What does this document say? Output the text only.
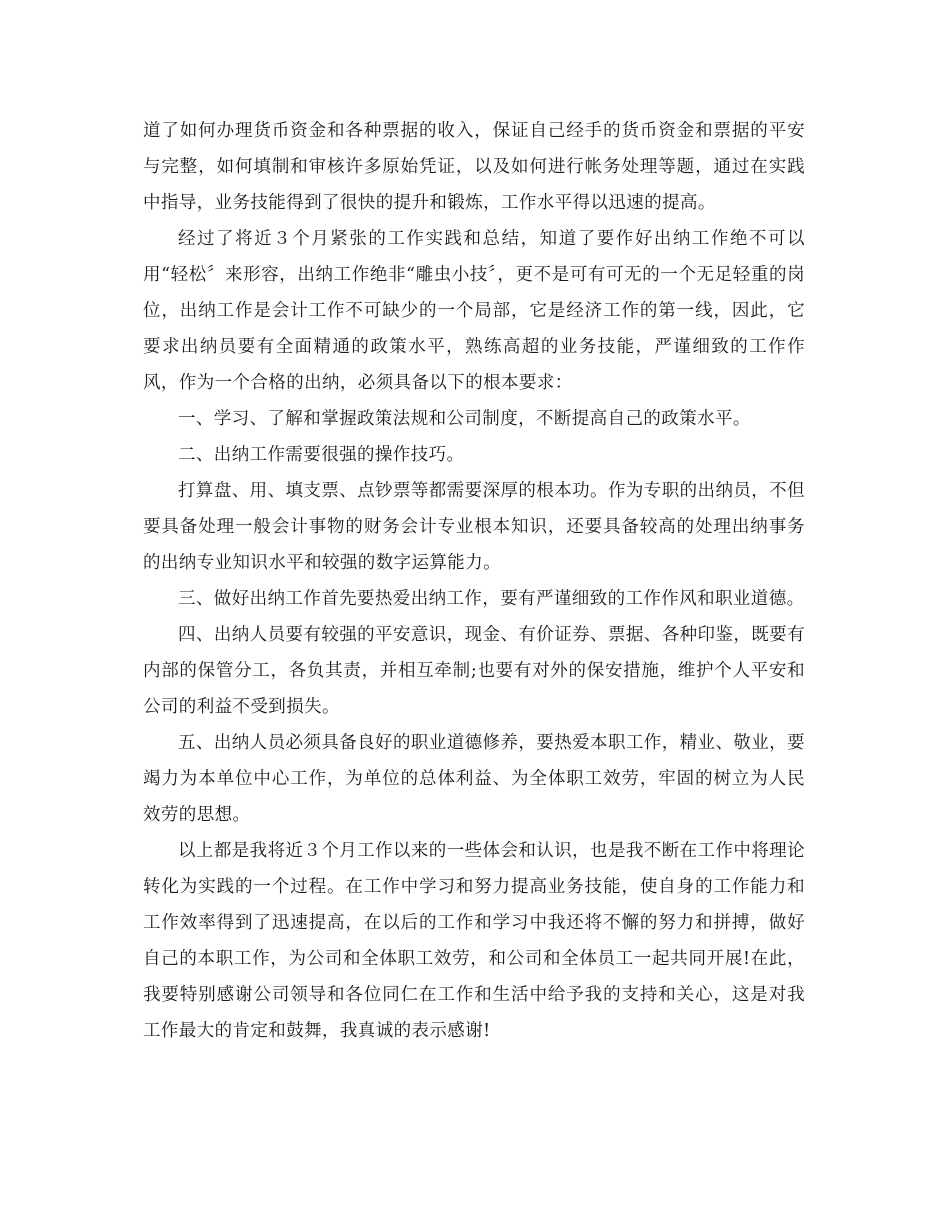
道了如何办理货币资金和各种票据的收入，保证自己经手的货币资金和票据的平安与完整，如何填制和审核许多原始凭证，以及如何进行帐务处理等题，通过在实践中指导，业务技能得到了很快的提升和锻炼，工作水平得以迅速的提高。

经过了将近３个月紧张的工作实践和总结，知道了要作好出纳工作绝不可以用“轻松〞来形容，出纳工作绝非“雕虫小技〞，更不是可有可无的一个无足轻重的岗位，出纳工作是会计工作不可缺少的一个局部，它是经济工作的第一线，因此，它要求出纳员要有全面精通的政策水平，熟练高超的业务技能，严谨细致的工作作风，作为一个合格的出纳，必须具备以下的根本要求：

一、学习、了解和掌握政策法规和公司制度，不断提高自己的政策水平。

二、出纳工作需要很强的操作技巧。

打算盘、用、填支票、点钞票等都需要深厚的根本功。作为专职的出纳员，不但要具备处理一般会计事物的财务会计专业根本知识，还要具备较高的处理出纳事务的出纳专业知识水平和较强的数字运算能力。

三、做好出纳工作首先要热爱出纳工作，要有严谨细致的工作作风和职业道德。

四、出纳人员要有较强的平安意识，现金、有价证券、票据、各种印鉴，既要有内部的保管分工，各负其责，并相互牵制;也要有对外的保安措施，维护个人平安和公司的利益不受到损失。

五、出纳人员必须具备良好的职业道德修养，要热爱本职工作，精业、敬业，要竭力为本单位中心工作，为单位的总体利益、为全体职工效劳，牢固的树立为人民效劳的思想。

以上都是我将近３个月工作以来的一些体会和认识，也是我不断在工作中将理论转化为实践的一个过程。在工作中学习和努力提高业务技能，使自身的工作能力和工作效率得到了迅速提高，在以后的工作和学习中我还将不懈的努力和拼搏，做好自己的本职工作，为公司和全体职工效劳，和公司和全体员工一起共同开展!在此，我要特别感谢公司领导和各位同仁在工作和生活中给予我的支持和关心，这是对我工作最大的肯定和鼓舞，我真诚的表示感谢!
